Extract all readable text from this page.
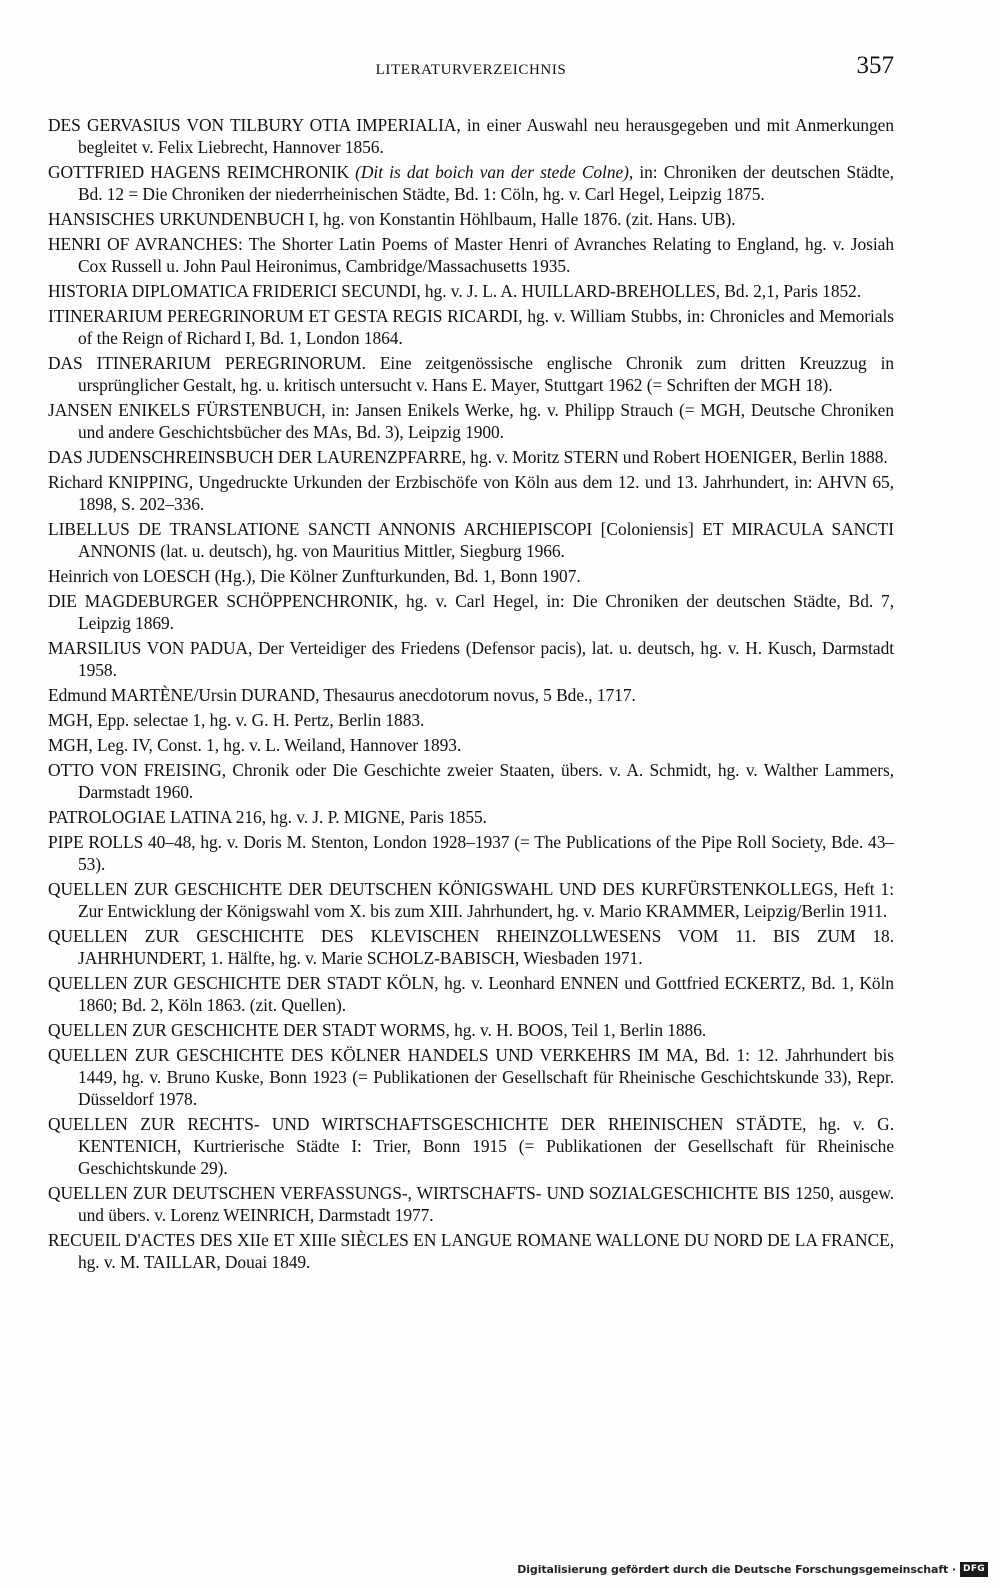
LITERATURVERZEICHNIS	357
DES GERVASIUS VON TILBURY OTIA IMPERIALIA, in einer Auswahl neu herausgegeben und mit Anmerkungen begleitet v. Felix Liebrecht, Hannover 1856.
GOTTFRIED HAGENS REIMCHRONIK (Dit is dat boich van der stede Colne), in: Chroniken der deutschen Städte, Bd. 12 = Die Chroniken der niederrheinischen Städte, Bd. 1: Cöln, hg. v. Carl Hegel, Leipzig 1875.
HANSISCHES URKUNDENBUCH I, hg. von Konstantin Höhlbaum, Halle 1876. (zit. Hans. UB).
HENRI OF AVRANCHES: The Shorter Latin Poems of Master Henri of Avranches Relating to England, hg. v. Josiah Cox Russell u. John Paul Heironimus, Cambridge/Massachusetts 1935.
HISTORIA DIPLOMATICA FRIDERICI SECUNDI, hg. v. J. L. A. HUILLARD-BREHOLLES, Bd. 2,1, Paris 1852.
ITINERARIUM PEREGRINORUM ET GESTA REGIS RICARDI, hg. v. William Stubbs, in: Chronicles and Memorials of the Reign of Richard I, Bd. 1, London 1864.
DAS ITINERARIUM PEREGRINORUM. Eine zeitgenössische englische Chronik zum dritten Kreuzzug in ursprünglicher Gestalt, hg. u. kritisch untersucht v. Hans E. Mayer, Stuttgart 1962 (= Schriften der MGH 18).
JANSEN ENIKELS FÜRSTENBUCH, in: Jansen Enikels Werke, hg. v. Philipp Strauch (= MGH, Deutsche Chroniken und andere Geschichtsbücher des MAs, Bd. 3), Leipzig 1900.
DAS JUDENSCHREINSBUCH DER LAURENZPFARRE, hg. v. Moritz STERN und Robert HOENIGER, Berlin 1888.
Richard KNIPPING, Ungedruckte Urkunden der Erzbischöfe von Köln aus dem 12. und 13. Jahrhundert, in: AHVN 65, 1898, S. 202–336.
LIBELLUS DE TRANSLATIONE SANCTI ANNONIS ARCHIEPISCOPI [Coloniensis] ET MIRACULA SANCTI ANNONIS (lat. u. deutsch), hg. von Mauritius Mittler, Siegburg 1966.
Heinrich von LOESCH (Hg.), Die Kölner Zunfturkunden, Bd. 1, Bonn 1907.
DIE MAGDEBURGER SCHÖPPENCHRONIK, hg. v. Carl Hegel, in: Die Chroniken der deutschen Städte, Bd. 7, Leipzig 1869.
MARSILIUS VON PADUA, Der Verteidiger des Friedens (Defensor pacis), lat. u. deutsch, hg. v. H. Kusch, Darmstadt 1958.
Edmund MARTÈNE/Ursin DURAND, Thesaurus anecdotorum novus, 5 Bde., 1717.
MGH, Epp. selectae 1, hg. v. G. H. Pertz, Berlin 1883.
MGH, Leg. IV, Const. 1, hg. v. L. Weiland, Hannover 1893.
OTTO VON FREISING, Chronik oder Die Geschichte zweier Staaten, übers. v. A. Schmidt, hg. v. Walther Lammers, Darmstadt 1960.
PATROLOGIAE LATINA 216, hg. v. J. P. MIGNE, Paris 1855.
PIPE ROLLS 40–48, hg. v. Doris M. Stenton, London 1928–1937 (= The Publications of the Pipe Roll Society, Bde. 43–53).
QUELLEN ZUR GESCHICHTE DER DEUTSCHEN KÖNIGSWAHL UND DES KURFÜRSTENKOLLEGS, Heft 1: Zur Entwicklung der Königswahl vom X. bis zum XIII. Jahrhundert, hg. v. Mario KRAMMER, Leipzig/Berlin 1911.
QUELLEN ZUR GESCHICHTE DES KLEVISCHEN RHEINZOLLWESENS VOM 11. BIS ZUM 18. JAHRHUNDERT, 1. Hälfte, hg. v. Marie SCHOLZ-BABISCH, Wiesbaden 1971.
QUELLEN ZUR GESCHICHTE DER STADT KÖLN, hg. v. Leonhard ENNEN und Gottfried ECKERTZ, Bd. 1, Köln 1860; Bd. 2, Köln 1863. (zit. Quellen).
QUELLEN ZUR GESCHICHTE DER STADT WORMS, hg. v. H. BOOS, Teil 1, Berlin 1886.
QUELLEN ZUR GESCHICHTE DES KÖLNER HANDELS UND VERKEHRS IM MA, Bd. 1: 12. Jahrhundert bis 1449, hg. v. Bruno Kuske, Bonn 1923 (= Publikationen der Gesellschaft für Rheinische Geschichtskunde 33), Repr. Düsseldorf 1978.
QUELLEN ZUR RECHTS- UND WIRTSCHAFTSGESCHICHTE DER RHEINISCHEN STÄDTE, hg. v. G. KENTENICH, Kurtrierische Städte I: Trier, Bonn 1915 (= Publikationen der Gesellschaft für Rheinische Geschichtskunde 29).
QUELLEN ZUR DEUTSCHEN VERFASSUNGS-, WIRTSCHAFTS- UND SOZIALGESCHICHTE BIS 1250, ausgew. und übers. v. Lorenz WEINRICH, Darmstadt 1977.
RECUEIL D'ACTES DES XIIe ET XIIIe SIÈCLES EN LANGUE ROMANE WALLONE DU NORD DE LA FRANCE, hg. v. M. TAILLAR, Douai 1849.
Digitalisierung gefördert durch die Deutsche Forschungsgemeinschaft · DFG
